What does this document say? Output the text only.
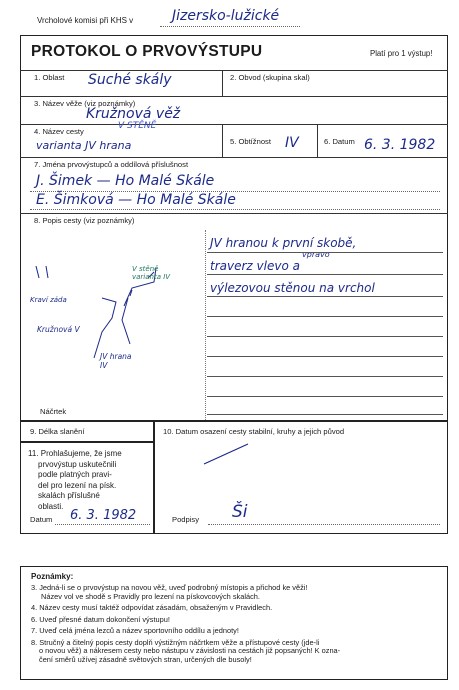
Vrcholové komisi při KHS v	Jizersko-lužické
PROTOKOL O PRVOVÝSTUPU	Platí pro 1 výstup!
1. Oblast Suché skály	2. Obvod (skupina skal)
3. Název věže (viz poznámky)
Kružnová věž
4. Název cesty
V STĚNĚ
varianta JV hrana	5. Obtížnost IV	6. Datum 6. 3. 1982
7. Jména prvovýstupců a oddílová příslušnost
J. Šimek — Ho Malé Skále
E. Šimková — Ho Malé Skále
8. Popis cesty (viz poznámky)
JV hranou k první skobě,
traverz vlevo a
vpravo
výlezovou stěnou na vrchol
Kraví záda
Kružnová V
V stěně varianta IV
JV hrana IV
Náčrtek
9. Délka slanění	10. Datum osazení cesty stabilní, kruhy a jejich původ
11. Prohlašujeme, že jsme
prvovýstup uskutečnili
podle platných pravi-
del pro lezení na písk.
skalách příslušné
oblasti.
Datum 6. 3. 1982	Podpisy Ši
Poznámky:
3. Jedná-li se o prvovýstup na novou věž, uveď podrobný místopis a přichod ke věži!
Název vol ve shodě s Pravidly pro lezení na pískovcových skalách.
4. Název cesty musí taktéž odpovídat zásadám, obsaženým v Pravidlech.
6. Uveď přesné datum dokončení výstupu!
7. Uveď celá jména lezců a název sportovního oddílu a jednoty!
8. Stručný a čitelný popis cesty doplň výstižným náčrtkem věže a přístupové cesty (jde-li
o novou věž) a nákresem cesty nebo nástupu v závislosti na cestách již popsaných! K ozna-
čení směrů užívej zásadně světových stran, určených dle busoly!
